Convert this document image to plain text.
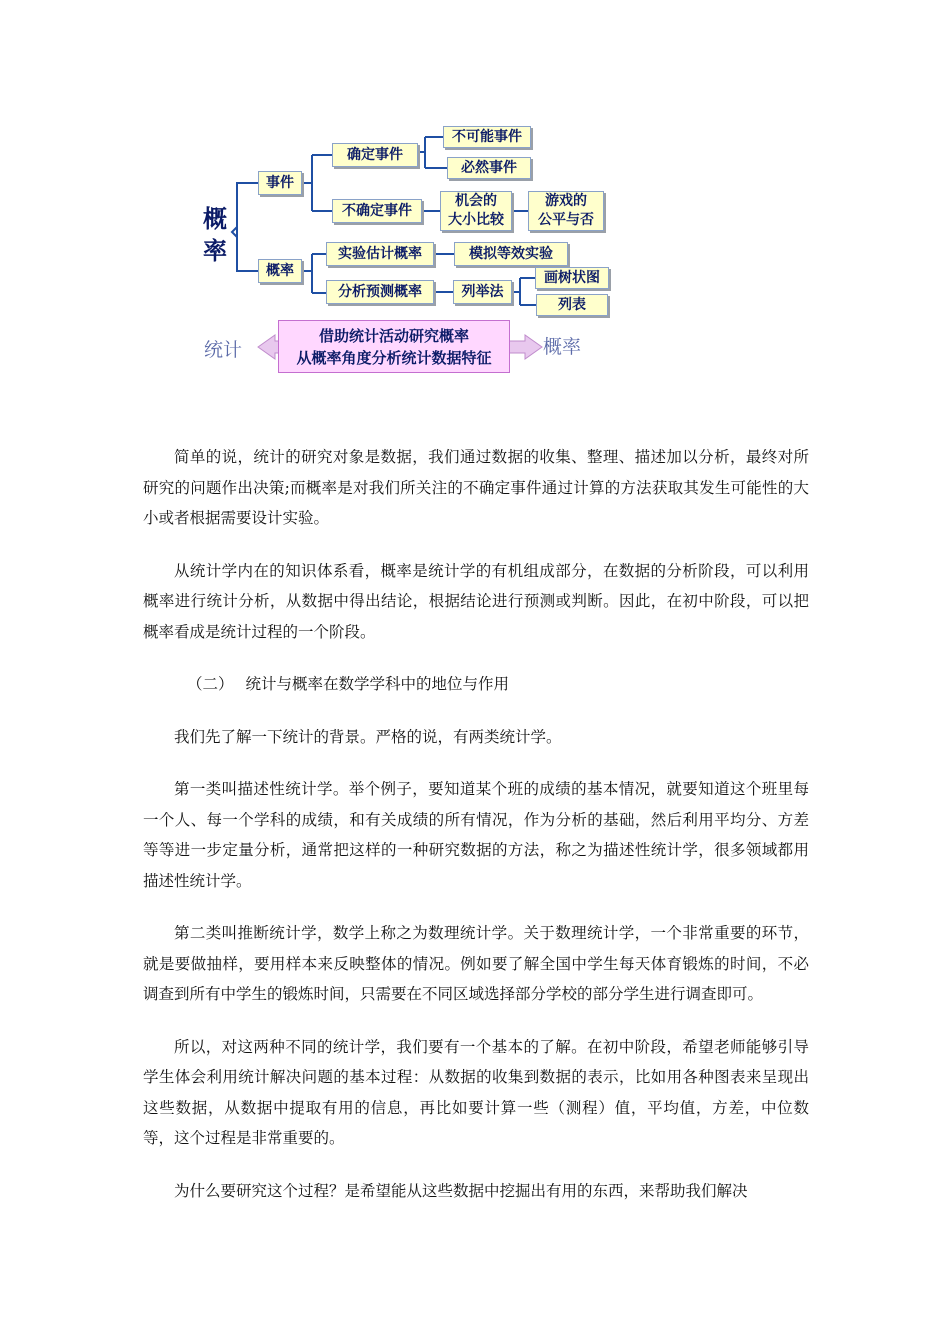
概
率
事件
概率
确定事件
不可能事件
必然事件
不确定事件
机会的
大小比较
游戏的
公平与否
实验估计概率	模拟等效实验
分析预测概率	列举法
画树状图
列表
统计	概率
借助统计活动研究概率
从概率角度分析统计数据特征

简单的说，统计的研究对象是数据，我们通过数据的收集、整理、描述加以分析，最终对所研究的问题作出决策;而概率是对我们所关注的不确定事件通过计算的方法获取其发生可能性的大小或者根据需要设计实验。

从统计学内在的知识体系看，概率是统计学的有机组成部分，在数据的分析阶段，可以利用概率进行统计分析，从数据中得出结论，根据结论进行预测或判断。因此，在初中阶段，可以把概率看成是统计过程的一个阶段。

（二） 统计与概率在数学学科中的地位与作用

我们先了解一下统计的背景。严格的说，有两类统计学。

第一类叫描述性统计学。举个例子，要知道某个班的成绩的基本情况，就要知道这个班里每一个人、每一个学科的成绩，和有关成绩的所有情况，作为分析的基础，然后利用平均分、方差等等进一步定量分析，通常把这样的一种研究数据的方法，称之为描述性统计学，很多领域都用描述性统计学。

第二类叫推断统计学，数学上称之为数理统计学。关于数理统计学，一个非常重要的环节，就是要做抽样，要用样本来反映整体的情况。例如要了解全国中学生每天体育锻炼的时间，不必调查到所有中学生的锻炼时间，只需要在不同区域选择部分学校的部分学生进行调查即可。

所以，对这两种不同的统计学，我们要有一个基本的了解。在初中阶段，希望老师能够引导学生体会利用统计解决问题的基本过程：从数据的收集到数据的表示，比如用各种图表来呈现出这些数据，从数据中提取有用的信息，再比如要计算一些（测程）值，平均值，方差，中位数等，这个过程是非常重要的。

为什么要研究这个过程？是希望能从这些数据中挖掘出有用的东西，来帮助我们解决
